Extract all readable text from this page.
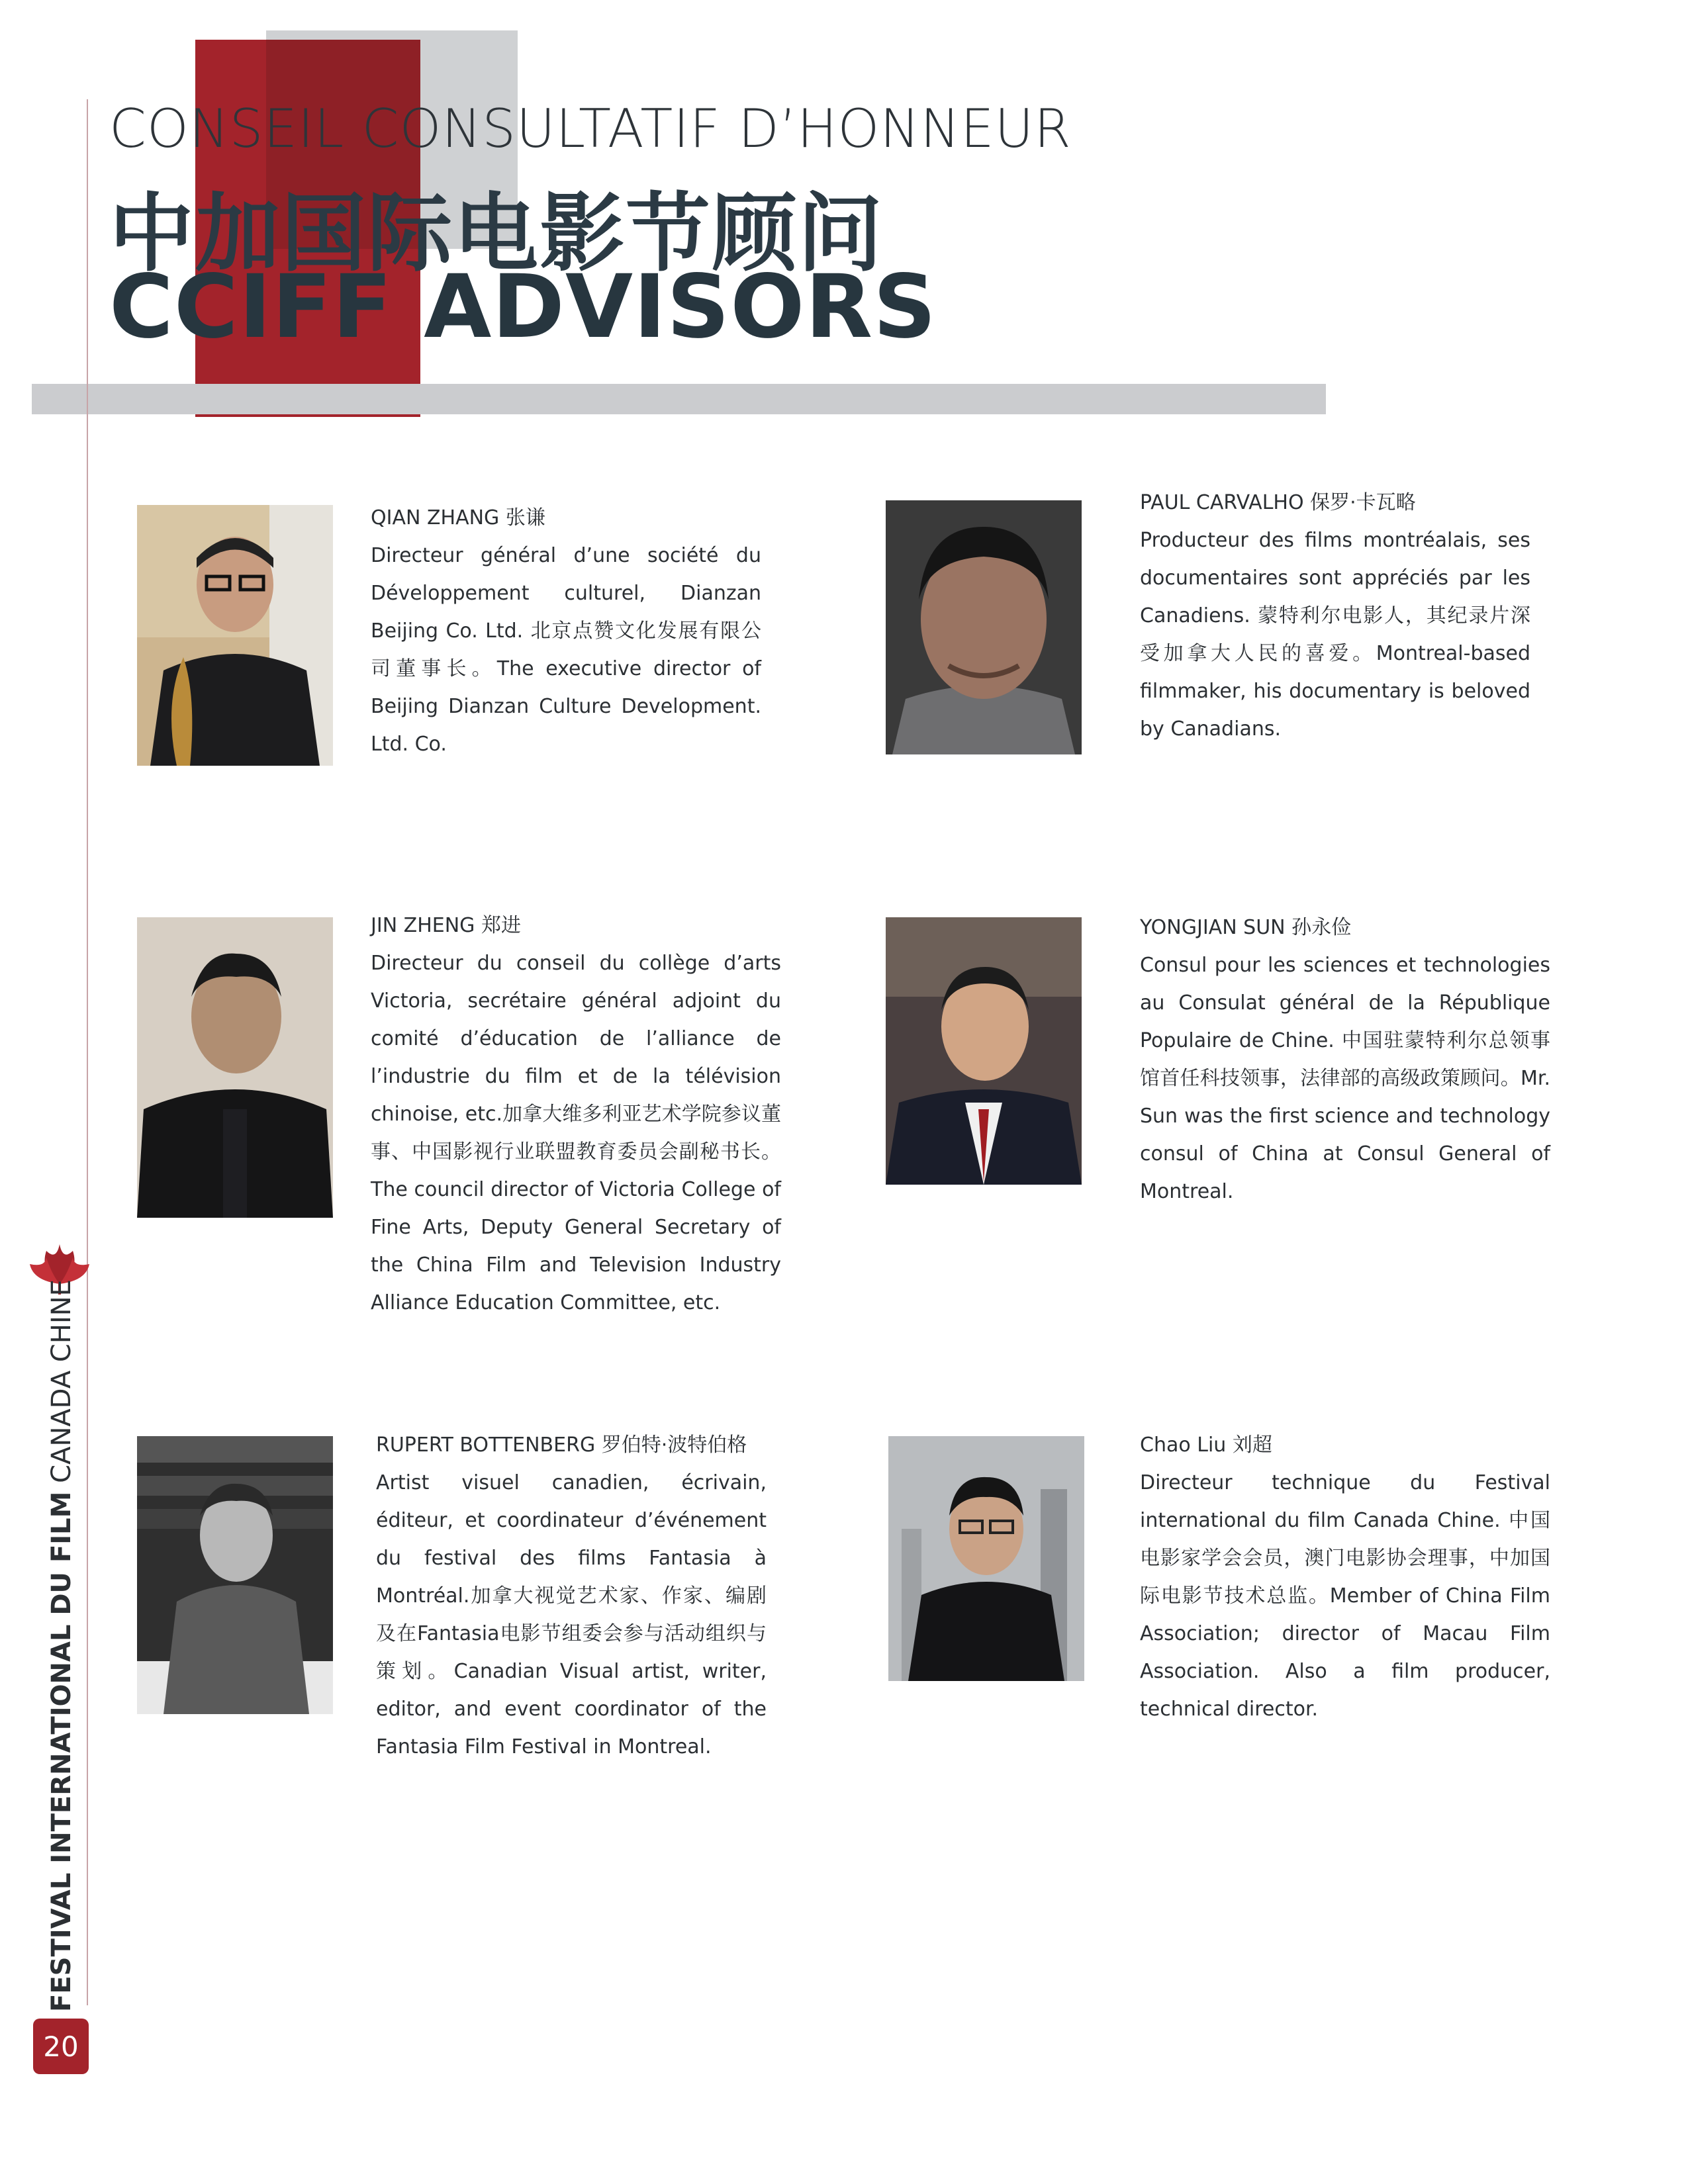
CONSEIL CONSULTATIF D’HONNEUR
中加国际电影节顾问
CCIFF ADVISORS
QIAN ZHANG 张谦

Directeur général d’une société du Développement culturel, Dianzan Beijing Co. Ltd. 北京点赞文化发展有限公司董事长。The executive director of Beijing Dianzan Culture Development. Ltd. Co.

PAUL CARVALHO 保罗·卡瓦略

Producteur des films montréalais, ses documentaires sont appréciés par les Canadiens. 蒙特利尔电影人，其纪录片深受加拿大人民的喜爱。Montreal-based filmmaker, his documentary is beloved by Canadians.

JIN ZHENG 郑进

Directeur du conseil du collège d’arts Victoria, secrétaire général adjoint du comité d’éducation de l’alliance de l’industrie du film et de la télévision chinoise, etc.加拿大维多利亚艺术学院参议董事、中国影视行业联盟教育委员会副秘书长。The council director of Victoria College of Fine Arts, Deputy General Secretary of the China Film and Television Industry Alliance Education Committee, etc.

YONGJIAN SUN 孙永俭

Consul pour les sciences et technologies au Consulat général de la République Populaire de Chine. 中国驻蒙特利尔总领事馆首任科技领事，法律部的高级政策顾问。Mr. Sun was the first science and technology consul of China at Consul General of Montreal.

RUPERT BOTTENBERG 罗伯特·波特伯格

Artist visuel canadien, écrivain, éditeur, et coordinateur d’événement du festival des films Fantasia à Montréal.加拿大视觉艺术家、作家、编剧及在Fantasia电影节组委会参与活动组织与策划。Canadian Visual artist, writer, editor, and event coordinator of the Fantasia Film Festival in Montreal.

Chao Liu 刘超

Directeur technique du Festival international du film Canada Chine. 中国电影家学会会员，澳门电影协会理事，中加国际电影节技术总监。Member of China Film Association; director of Macau Film Association. Also a film producer, technical director.

FESTIVAL INTERNATIONAL DU FILM CANADA CHINE
20
